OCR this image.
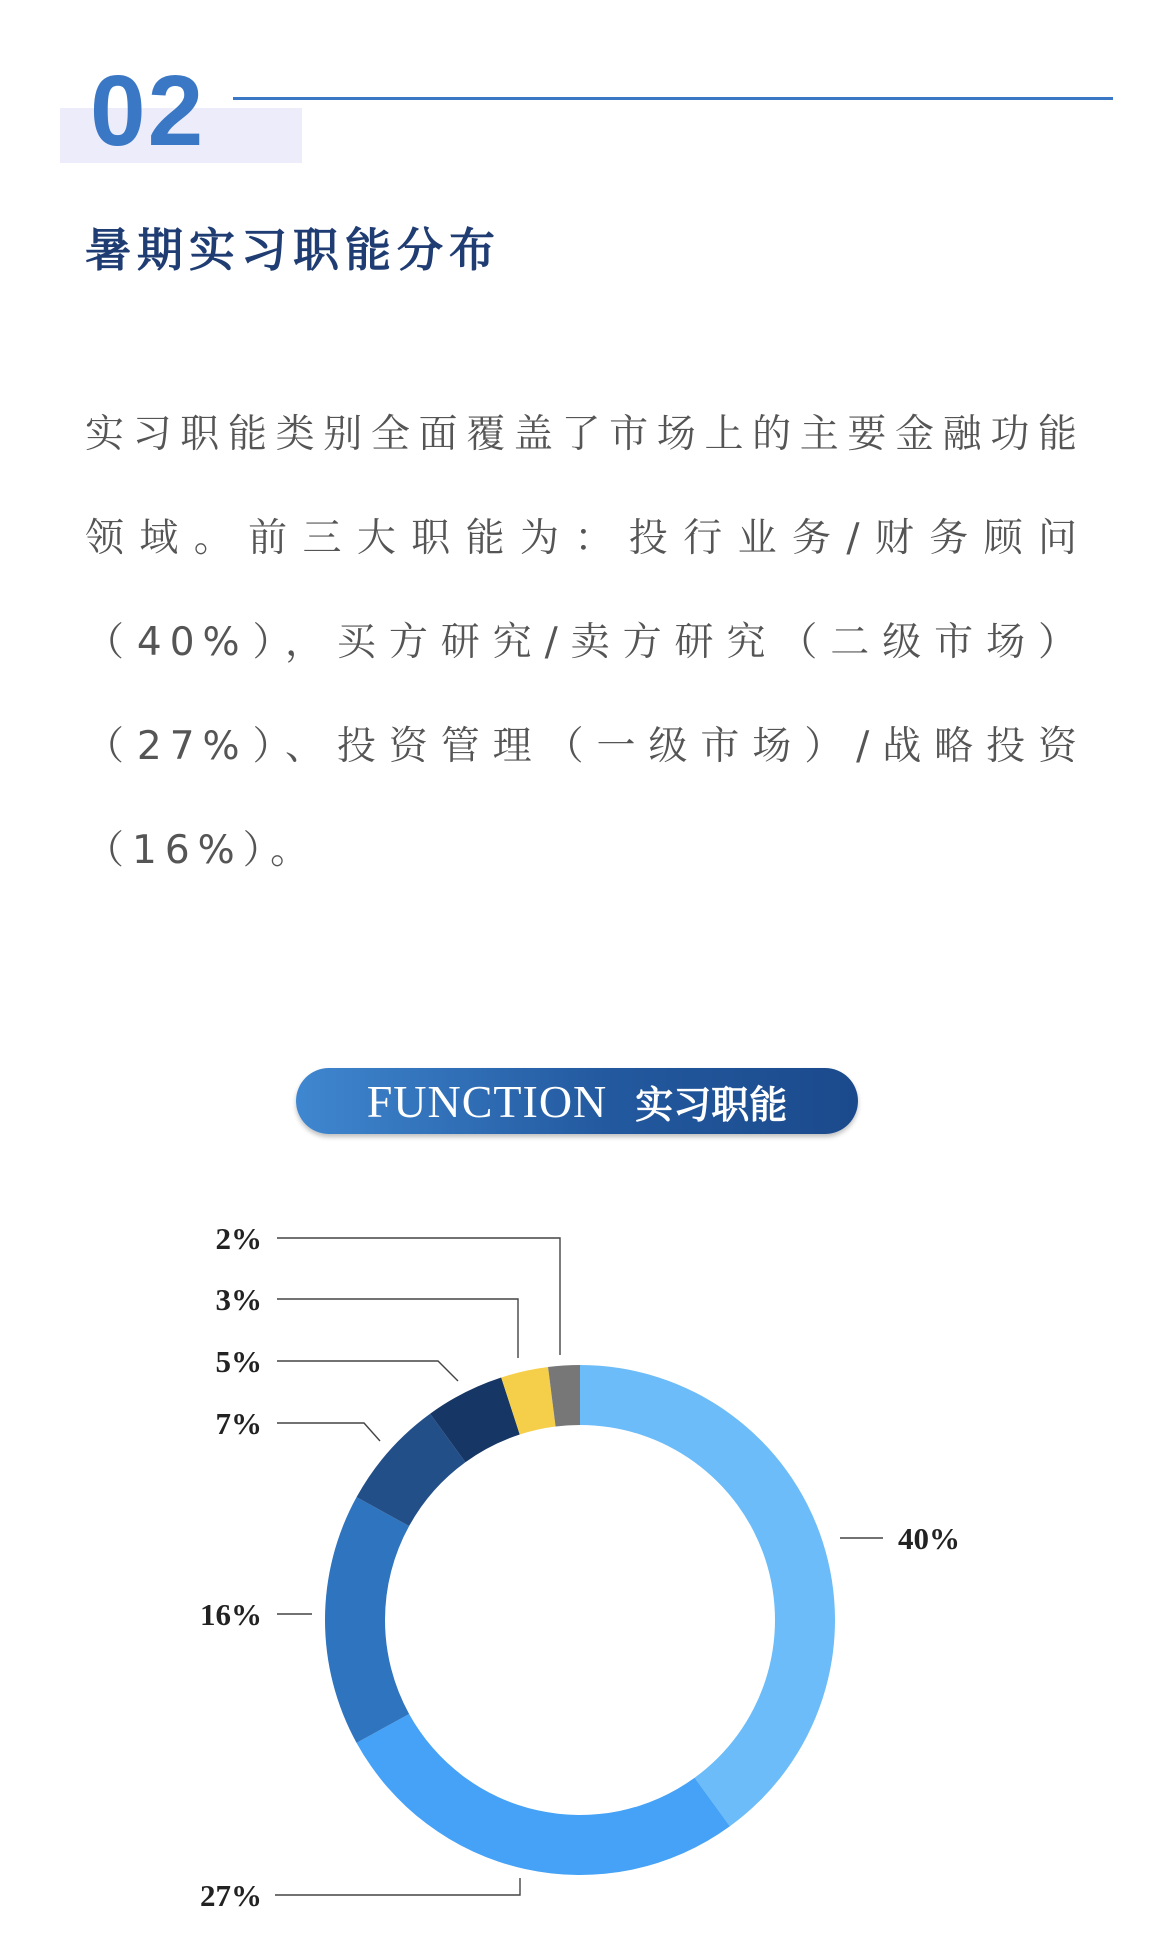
02
暑期实习职能分布

实习职能类别全面覆盖了市场上的主要金融功能领域。前三大职能为：投行业务/财务顾问（40%），买方研究/卖方研究（二级市场）（27%）、投资管理（一级市场）/战略投资（16%）。

FUNCTION 实习职能
40%
27%
16%
7%
5%
3%
2%
